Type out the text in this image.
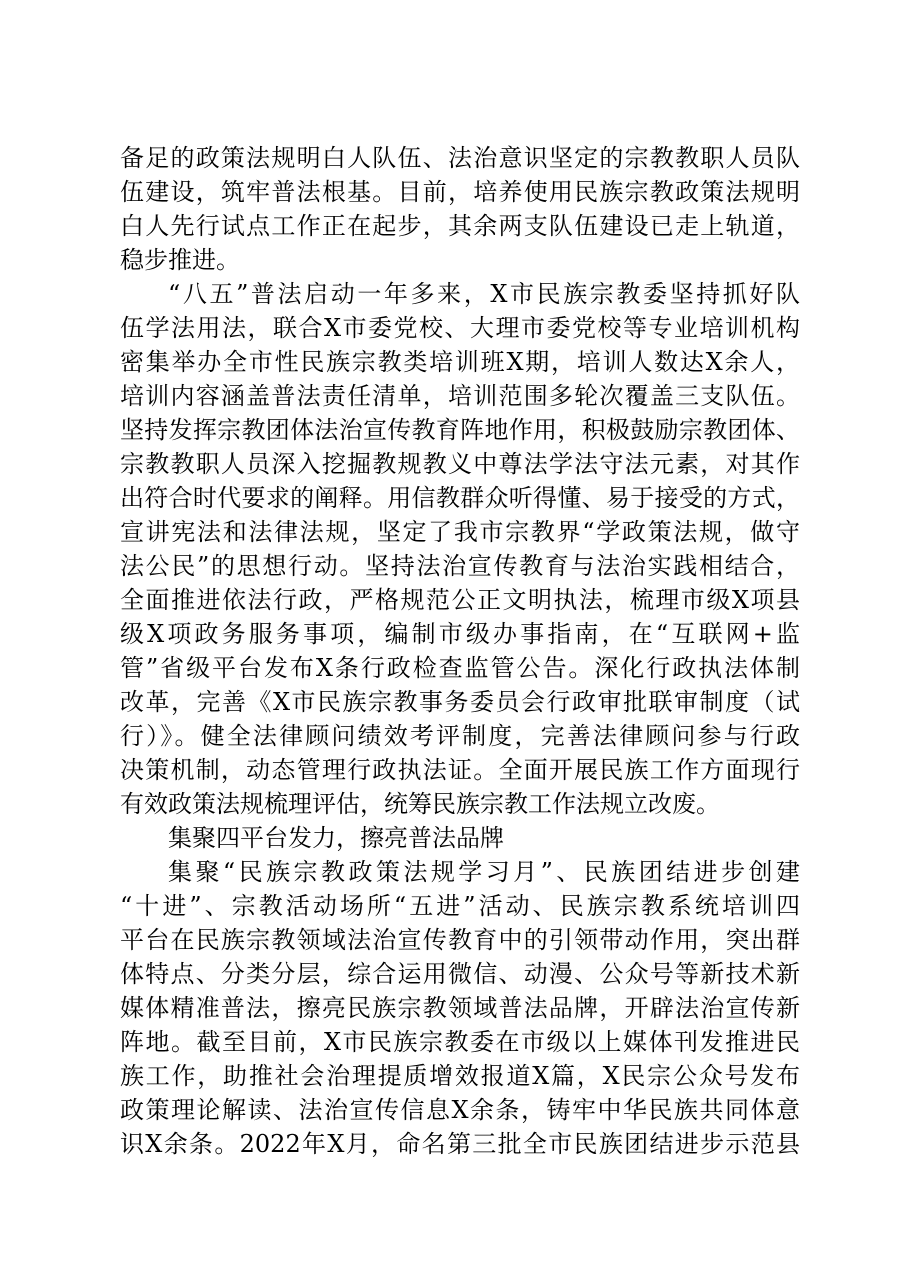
备足的政策法规明白人队伍、法治意识坚定的宗教教职人员队
伍建设，筑牢普法根基。目前，培养使用民族宗教政策法规明
白人先行试点工作正在起步，其余两支队伍建设已走上轨道，
稳步推进。
“八五”普法启动一年多来，X市民族宗教委坚持抓好队
伍学法用法，联合X市委党校、大理市委党校等专业培训机构
密集举办全市性民族宗教类培训班X期，培训人数达X余人，
培训内容涵盖普法责任清单，培训范围多轮次覆盖三支队伍。
坚持发挥宗教团体法治宣传教育阵地作用，积极鼓励宗教团体、
宗教教职人员深入挖掘教规教义中尊法学法守法元素，对其作
出符合时代要求的阐释。用信教群众听得懂、易于接受的方式，
宣讲宪法和法律法规，坚定了我市宗教界“学政策法规，做守
法公民”的思想行动。坚持法治宣传教育与法治实践相结合，
全面推进依法行政，严格规范公正文明执法，梳理市级X项县
级X项政务服务事项，编制市级办事指南，在“互联网+监
管”省级平台发布X条行政检查监管公告。深化行政执法体制
改革，完善《X市民族宗教事务委员会行政审批联审制度（试
行）》。健全法律顾问绩效考评制度，完善法律顾问参与行政
决策机制，动态管理行政执法证。全面开展民族工作方面现行
有效政策法规梳理评估，统筹民族宗教工作法规立改废。
集聚四平台发力，擦亮普法品牌
集聚“民族宗教政策法规学习月”、民族团结进步创建
“十进”、宗教活动场所“五进”活动、民族宗教系统培训四
平台在民族宗教领域法治宣传教育中的引领带动作用，突出群
体特点、分类分层，综合运用微信、动漫、公众号等新技术新
媒体精准普法，擦亮民族宗教领域普法品牌，开辟法治宣传新
阵地。截至目前，X市民族宗教委在市级以上媒体刊发推进民
族工作，助推社会治理提质增效报道X篇，X民宗公众号发布
政策理论解读、法治宣传信息X余条，铸牢中华民族共同体意
识X余条。2022年X月，命名第三批全市民族团结进步示范县
